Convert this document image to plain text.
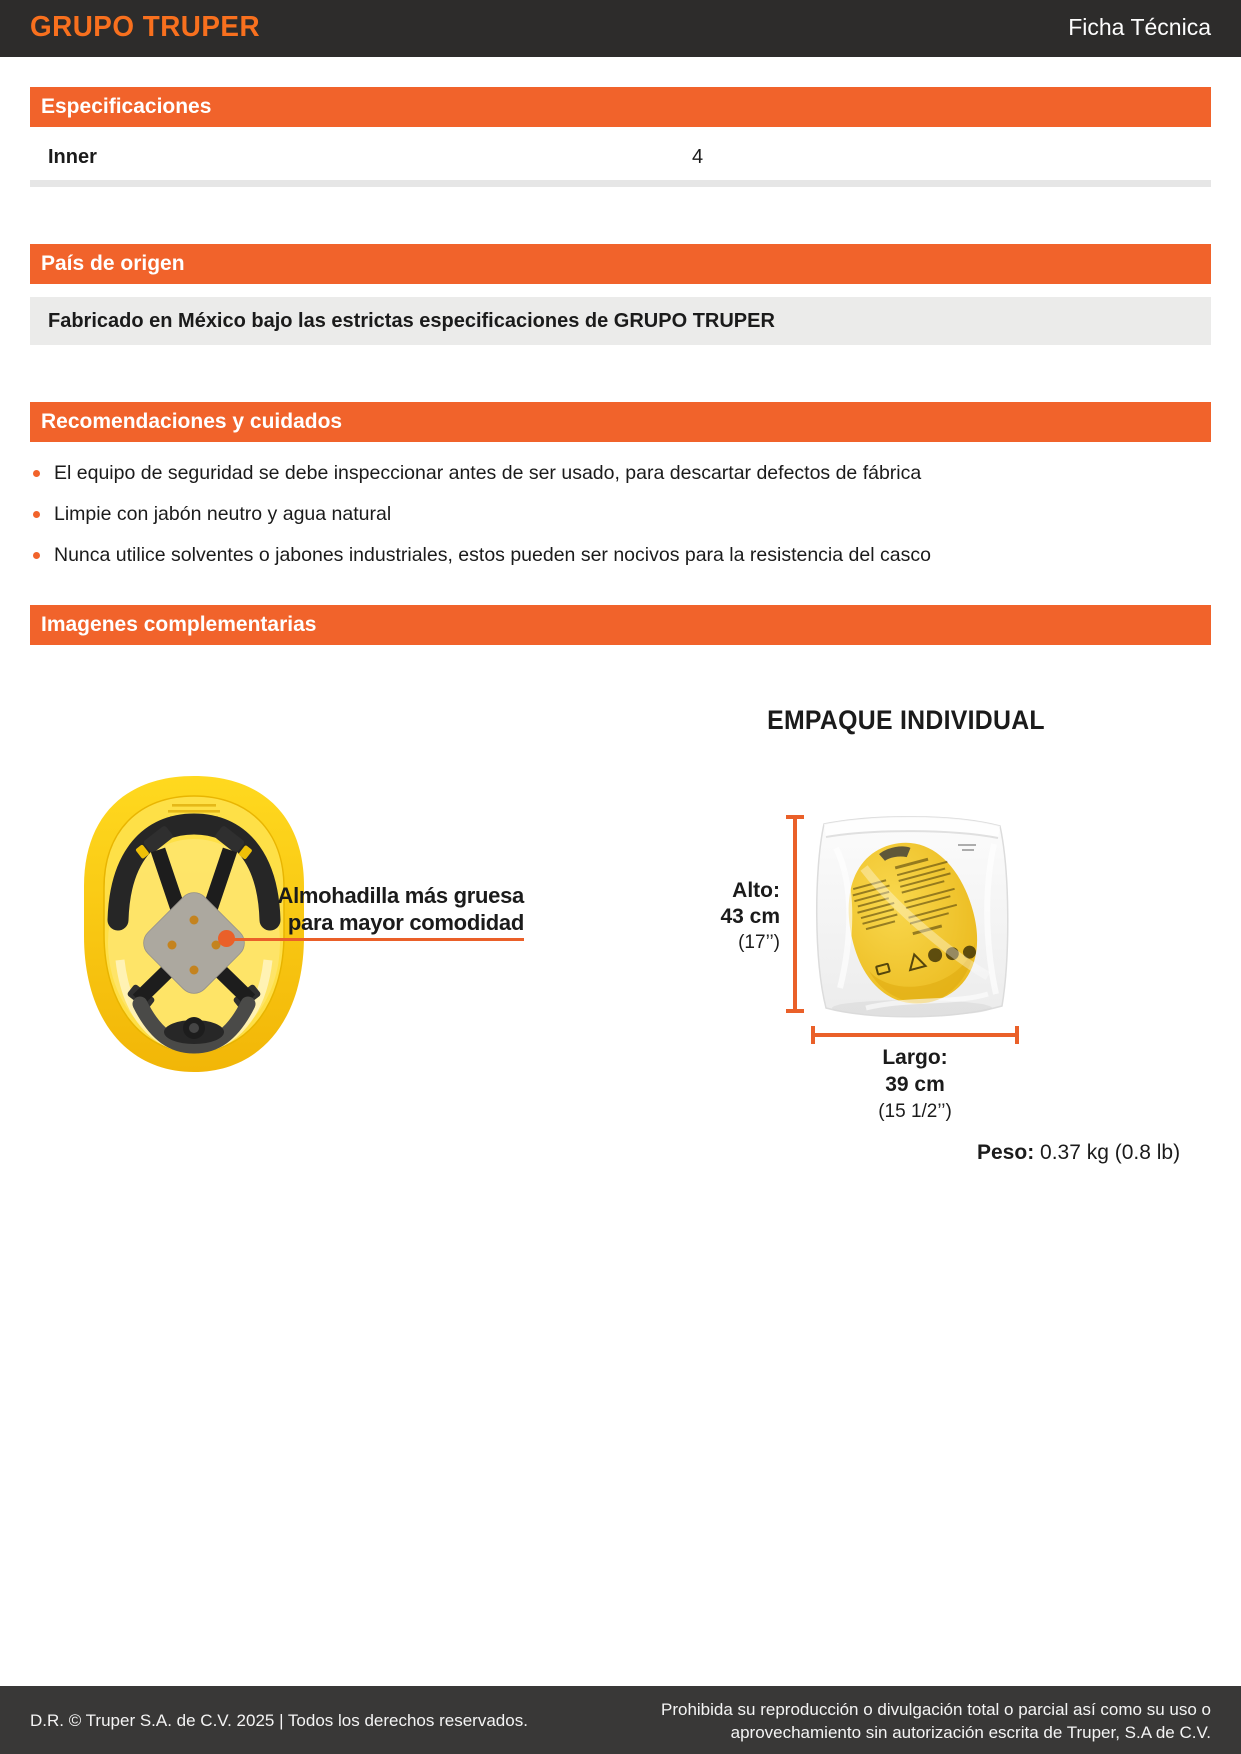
GRUPO TRUPER	Ficha Técnica
Especificaciones
Inner	4
País de origen
Fabricado en México bajo las estrictas especificaciones de GRUPO TRUPER
Recomendaciones y cuidados
El equipo de seguridad se debe inspeccionar antes de ser usado, para descartar defectos de fábrica
Limpie con jabón neutro y agua natural
Nunca utilice solventes o jabones industriales, estos pueden ser nocivos para la resistencia del casco
Imagenes complementarias
Almohadilla más gruesa
para mayor comodidad
EMPAQUE INDIVIDUAL
Alto:
43 cm
(17’’)
Largo:
39 cm
(15 1/2’’)
Peso: 0.37 kg (0.8 lb)
D.R. © Truper S.A. de C.V. 2025 | Todos los derechos reservados.
Prohibida su reproducción o divulgación total o parcial así como su uso o
aprovechamiento sin autorización escrita de Truper, S.A de C.V.
